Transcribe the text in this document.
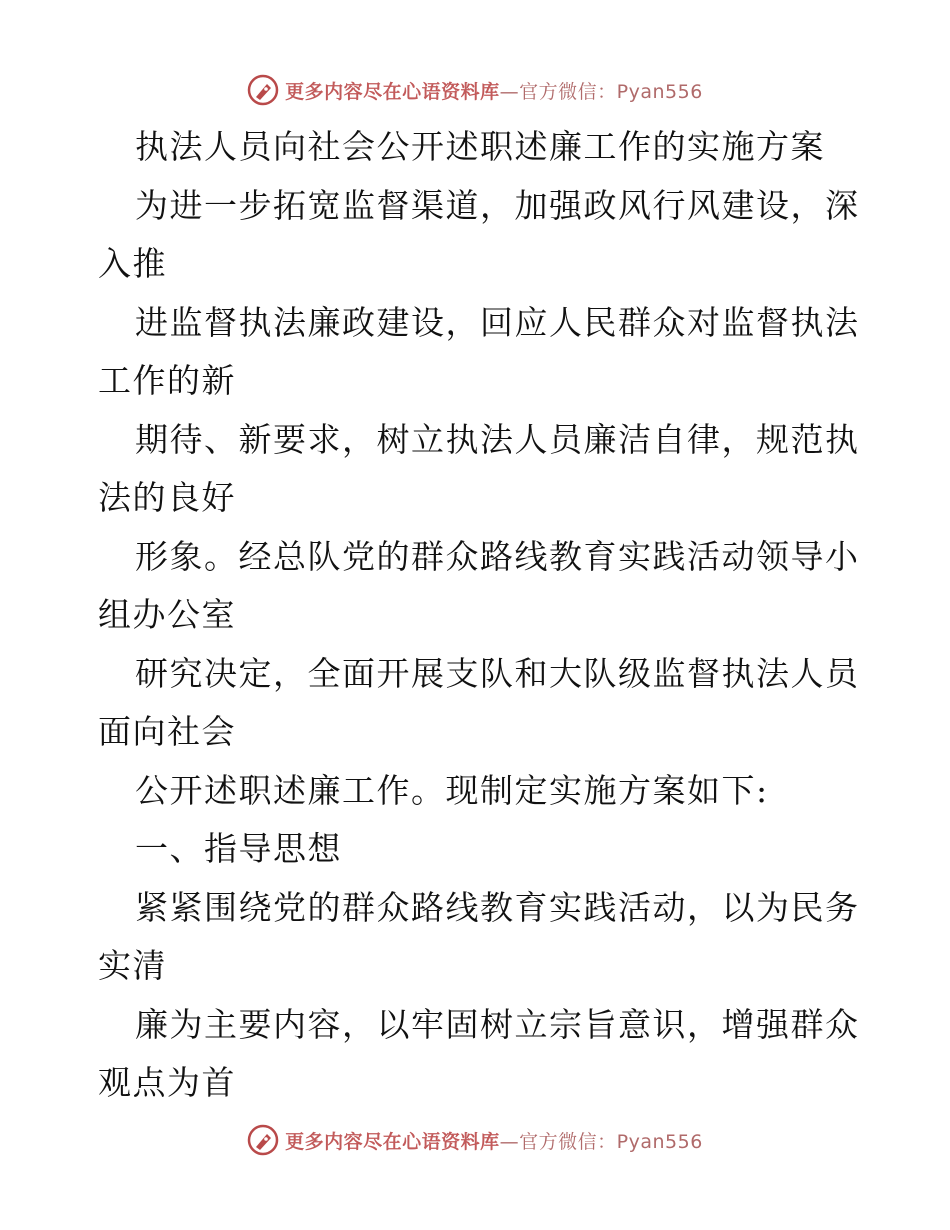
更多内容尽在心语资料库 —官方微信：Pyan556
执法人员向社会公开述职述廉工作的实施方案
为进一步拓宽监督渠道，加强政风行风建设，深
入推
进监督执法廉政建设，回应人民群众对监督执法
工作的新
期待、新要求，树立执法人员廉洁自律，规范执
法的良好
形象。经总队党的群众路线教育实践活动领导小
组办公室
研究决定，全面开展支队和大队级监督执法人员
面向社会
公开述职述廉工作。现制定实施方案如下:
一、指导思想
紧紧围绕党的群众路线教育实践活动，以为民务
实清
廉为主要内容，以牢固树立宗旨意识，增强群众
观点为首
更多内容尽在心语资料库 —官方微信：Pyan556
